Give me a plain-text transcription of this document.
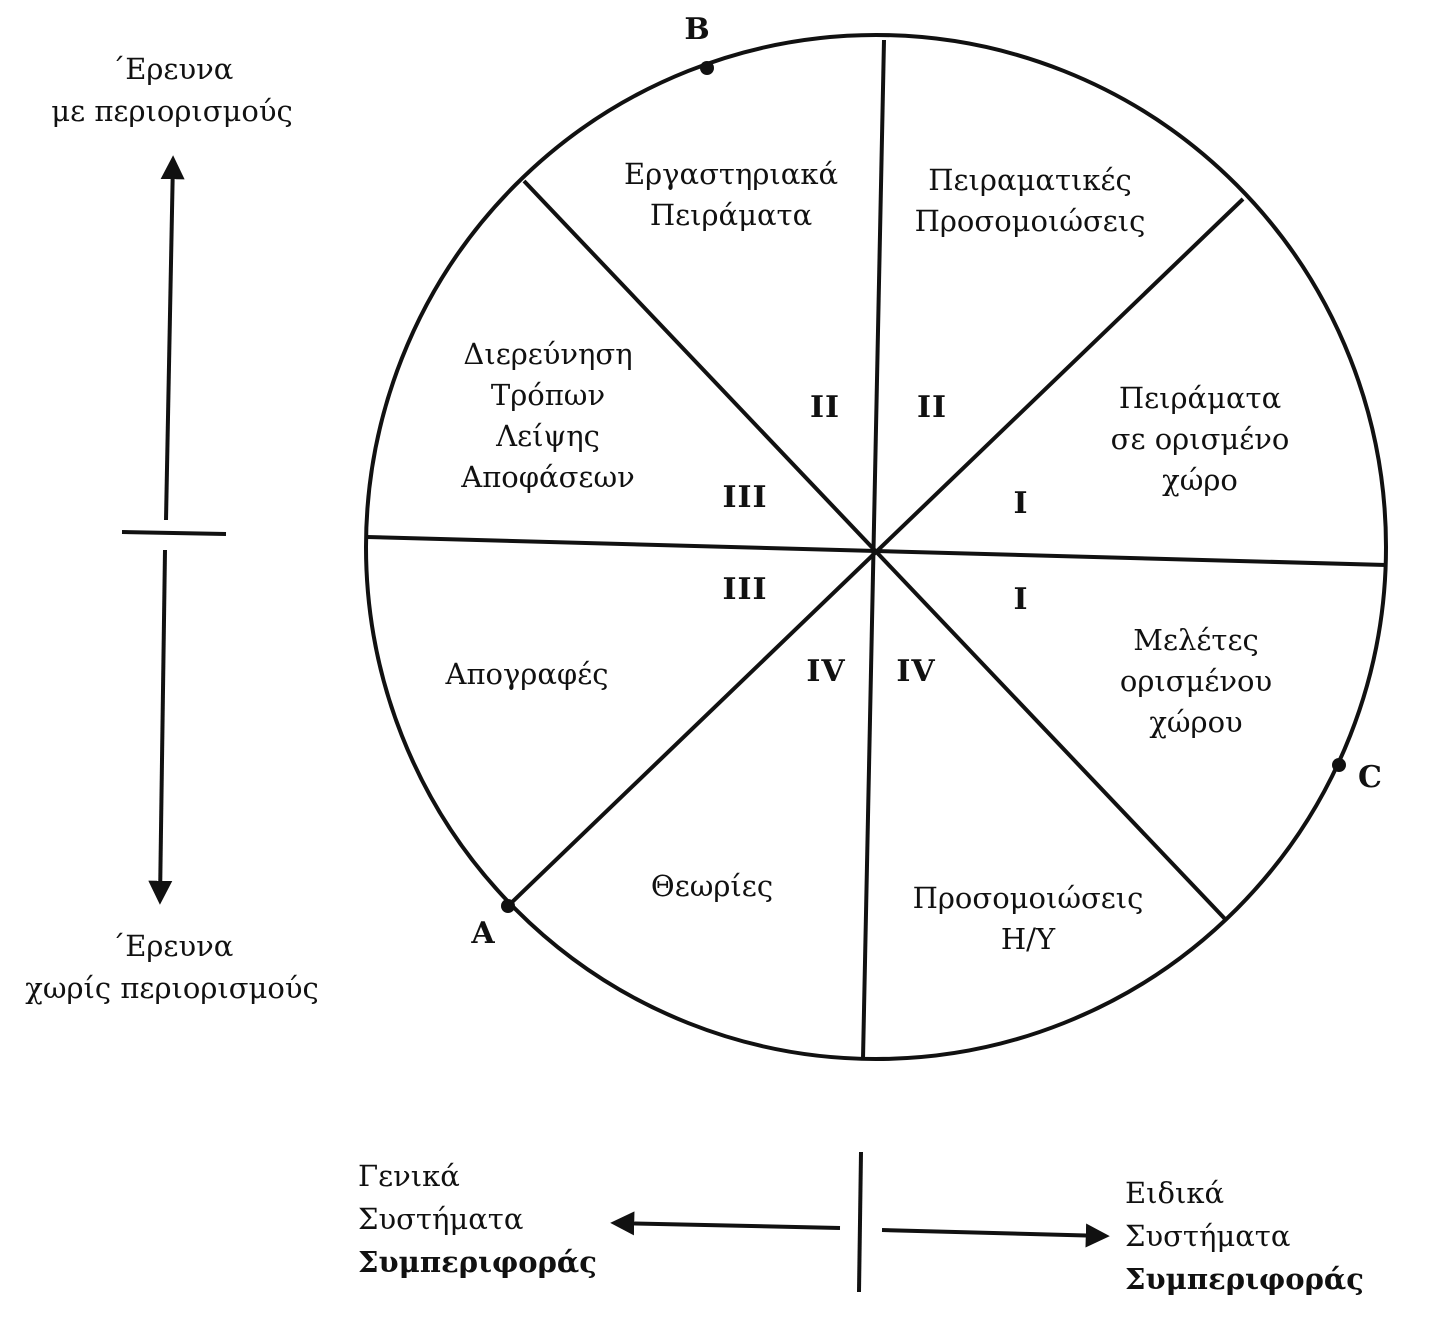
΄Ερευνα
με περιορισμούς
΄Ερευνα
χωρίς περιορισμούς
Γενικά
Συστήματα
Συμπεριφοράς
Ειδικά
Συστήματα
Συμπεριφοράς
B
A
C
Εργαστηριακά
Πειράματα
Πειραματικές
Προσομοιώσεις
Πειράματα
σε ορισμένο
χώρο
Μελέτες
ορισμένου
χώρου
Προσομοιώσεις
Η/Υ
Θεωρίες
Απογραφές
Διερεύνηση
Τρόπων
Λείψης
Αποφάσεων
II	II
I
I
IV
IV
III
III
